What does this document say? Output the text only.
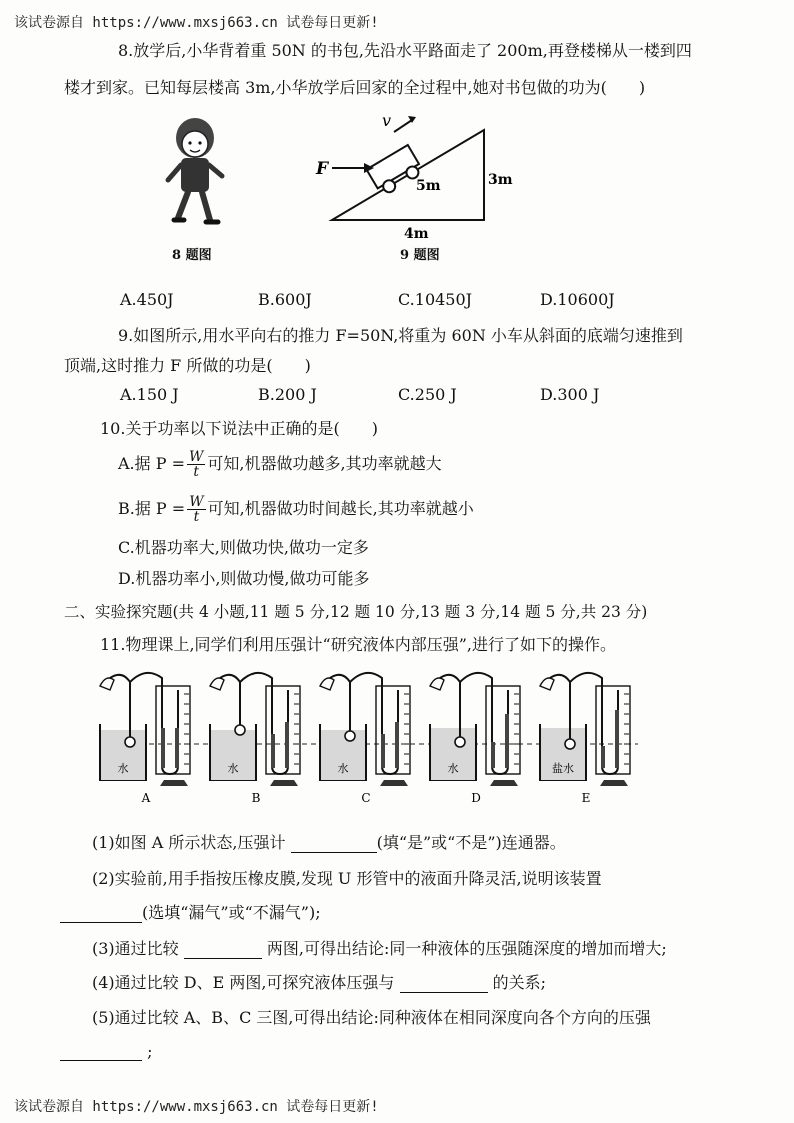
该试卷源自 https://www.mxsj663.cn 试卷每日更新!
8.放学后,小华背着重 50N 的书包,先沿水平路面走了 200m,再登楼梯从一楼到四
楼才到家。已知每层楼高 3m,小华放学后回家的全过程中,她对书包做的功为(　　)
8 题图
v
F
5m	3m
4m
9 题图
A.450J	B.600J	C.10450J	D.10600J
9.如图所示,用水平向右的推力 F=50N,将重为 60N 小车从斜面的底端匀速推到
顶端,这时推力 F 所做的功是(　　)
A.150 J	B.200 J	C.250 J	D.300 J
10.关于功率以下说法中正确的是(　　)
A.据 $P = \frac{W}{t}$ 可知,机器做功越多,其功率就越大
B.据 $P = \frac{W}{t}$ 可知,机器做功时间越长,其功率就越小
C.机器功率大,则做功快,做功一定多
D.机器功率小,则做功慢,做功可能多
二、实验探究题(共 4 小题,11 题 5 分,12 题 10 分,13 题 3 分,14 题 5 分,共 23 分)
11.物理课上,同学们利用压强计“研究液体内部压强”,进行了如下的操作。
水
A
水
B
水
C
水
D
盐水
E
(1)如图 A 所示状态,压强计	(填“是”或“不是”)连通器。
(2)实验前,用手指按压橡皮膜,发现 U 形管中的液面升降灵活,说明该装置
(选填“漏气”或“不漏气”);
(3)通过比较	两图,可得出结论:同一种液体的压强随深度的增加而增大;
(4)通过比较 D、E 两图,可探究液体压强与	的关系;
(5)通过比较 A、B、C 三图,可得出结论:同种液体在相同深度向各个方向的压强
;
该试卷源自 https://www.mxsj663.cn 试卷每日更新!
